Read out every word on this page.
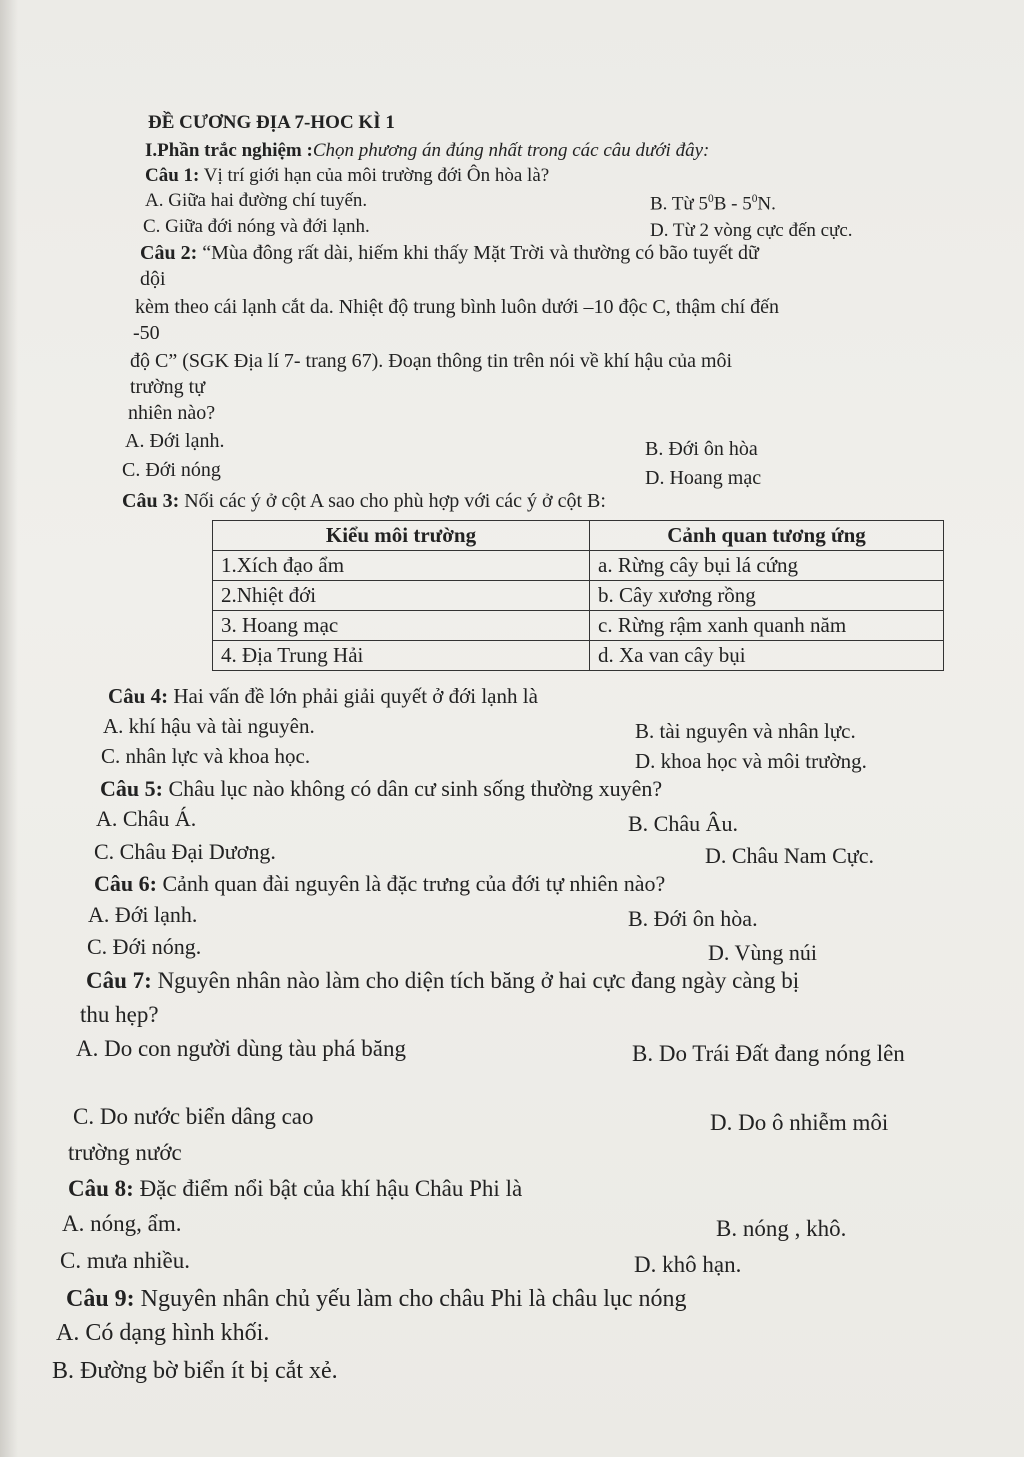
ĐỀ CƯƠNG ĐỊA 7-HOC KÌ 1
I.Phần trắc nghiệm :Chọn phương án đúng nhất trong các câu dưới đây:
Câu 1: Vị trí giới hạn của môi trường đới Ôn hòa là?
A. Giữa hai đường chí tuyến.	B. Từ $5^0B - 5^0N$.
C. Giữa đới nóng và đới lạnh.	D. Từ 2 vòng cực đến cực.
Câu 2: “Mùa đông rất dài, hiếm khi thấy Mặt Trời và thường có bão tuyết dữ
dội
kèm theo cái lạnh cắt da. Nhiệt độ trung bình luôn dưới –10 độc C, thậm chí đến
-50
độ C” (SGK Địa lí 7- trang 67). Đoạn thông tin trên nói về khí hậu của môi
trường tự
nhiên nào?
A. Đới lạnh.	B. Đới ôn hòa
C. Đới nóng	D. Hoang mạc
Câu 3: Nối các ý ở cột A sao cho phù hợp với các ý ở cột B:
Kiểu môi trường	Cảnh quan tương ứng
1.Xích đạo ẩm	a. Rừng cây bụi lá cứng
2.Nhiệt đới	b. Cây xương rồng
3. Hoang mạc	c. Rừng rậm xanh quanh năm
4. Địa Trung Hải	d. Xa van cây bụi
Câu 4: Hai vấn đề lớn phải giải quyết ở đới lạnh là
A. khí hậu và tài nguyên.	B. tài nguyên và nhân lực.
C. nhân lực và khoa học.	D. khoa học và môi trường.
Câu 5: Châu lục nào không có dân cư sinh sống thường xuyên?
A. Châu Á.	B. Châu Âu.
C. Châu Đại Dương.	D. Châu Nam Cực.
Câu 6: Cảnh quan đài nguyên là đặc trưng của đới tự nhiên nào?
A. Đới lạnh.	B. Đới ôn hòa.
C. Đới nóng.	D. Vùng núi
Câu 7: Nguyên nhân nào làm cho diện tích băng ở hai cực đang ngày càng bị
thu hẹp?
A. Do con người dùng tàu phá băng	B. Do Trái Đất đang nóng lên
C. Do nước biển dâng cao	D. Do ô nhiễm môi
trường nước
Câu 8: Đặc điểm nổi bật của khí hậu Châu Phi là
A. nóng, ẩm.	B. nóng , khô.
C. mưa nhiều.	D. khô hạn.
Câu 9: Nguyên nhân chủ yếu làm cho châu Phi là châu lục nóng
A. Có dạng hình khối.
B. Đường bờ biển ít bị cắt xẻ.
